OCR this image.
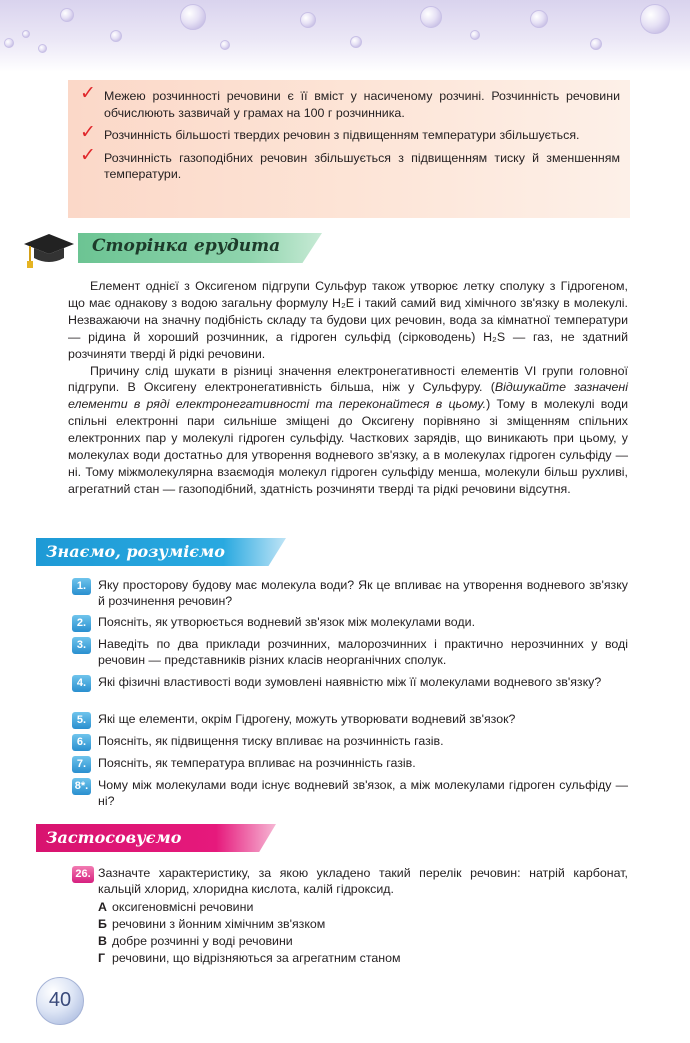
✓ Межею розчинності речовини є її вміст у насиченому розчині. Розчинність речовини обчислюють зазвичай у грамах на 100 г розчинника.
✓ Розчинність більшості твердих речовин з підвищенням температури збільшується.
✓ Розчинність газоподібних речовин збільшується з підвищенням тиску й зменшенням температури.
Сторінка ерудита

Елемент однієї з Оксигеном підгрупи Сульфур також утворює летку сполуку з Гідрогеном, що має однакову з водою загальну формулу H₂E і такий самий вид хімічного зв'язку в молекулі. Незважаючи на значну подібність складу та будови цих речовин, вода за кімнатної температури — рідина й хороший розчинник, а гідроген сульфід (сірководень) H₂S — газ, не здатний розчиняти тверді й рідкі речовини.

Причину слід шукати в різниці значення електронегативності елементів VI групи головної підгрупи. В Оксигену електронегативність більша, ніж у Сульфуру. (Відшукайте зазначені елементи в ряді електронегативності та переконайтеся в цьому.) Тому в молекулі води спільні електронні пари сильніше зміщені до Оксигену порівняно зі зміщенням спільних електронних пар у молекулі гідроген сульфіду. Часткових зарядів, що виникають при цьому, у молекулах води достатньо для утворення водневого зв'язку, а в молекулах гідроген сульфіду — ні. Тому міжмолекулярна взаємодія молекул гідроген сульфіду менша, молекули більш рухливі, агрегатний стан — газоподібний, здатність розчиняти тверді та рідкі речовини відсутня.

Знаємо, розуміємо
1. Яку просторову будову має молекула води? Як це впливає на утворення водневого зв'язку й розчинення речовин?
2. Поясніть, як утворюється водневий зв'язок між молекулами води.
3. Наведіть по два приклади розчинних, малорозчинних і практично нерозчинних у воді речовин — представників різних класів неорганічних сполук.
4. Які фізичні властивості води зумовлені наявністю між її молекулами водневого зв'язку?
5. Які ще елементи, окрім Гідрогену, можуть утворювати водневий зв'язок?
6. Поясніть, як підвищення тиску впливає на розчинність газів.
7. Поясніть, як температура впливає на розчинність газів.
8*. Чому між молекулами води існує водневий зв'язок, а між молекулами гідроген сульфіду — ні?
Застосовуємо
26. Зазначте характеристику, за якою укладено такий перелік речовин: натрій карбонат, кальцій хлорид, хлоридна кислота, калій гідроксид.
А оксигеновмісні речовини
Б речовини з йонним хімічним зв'язком
В добре розчинні у воді речовини
Г речовини, що відрізняються за агрегатним станом
40
